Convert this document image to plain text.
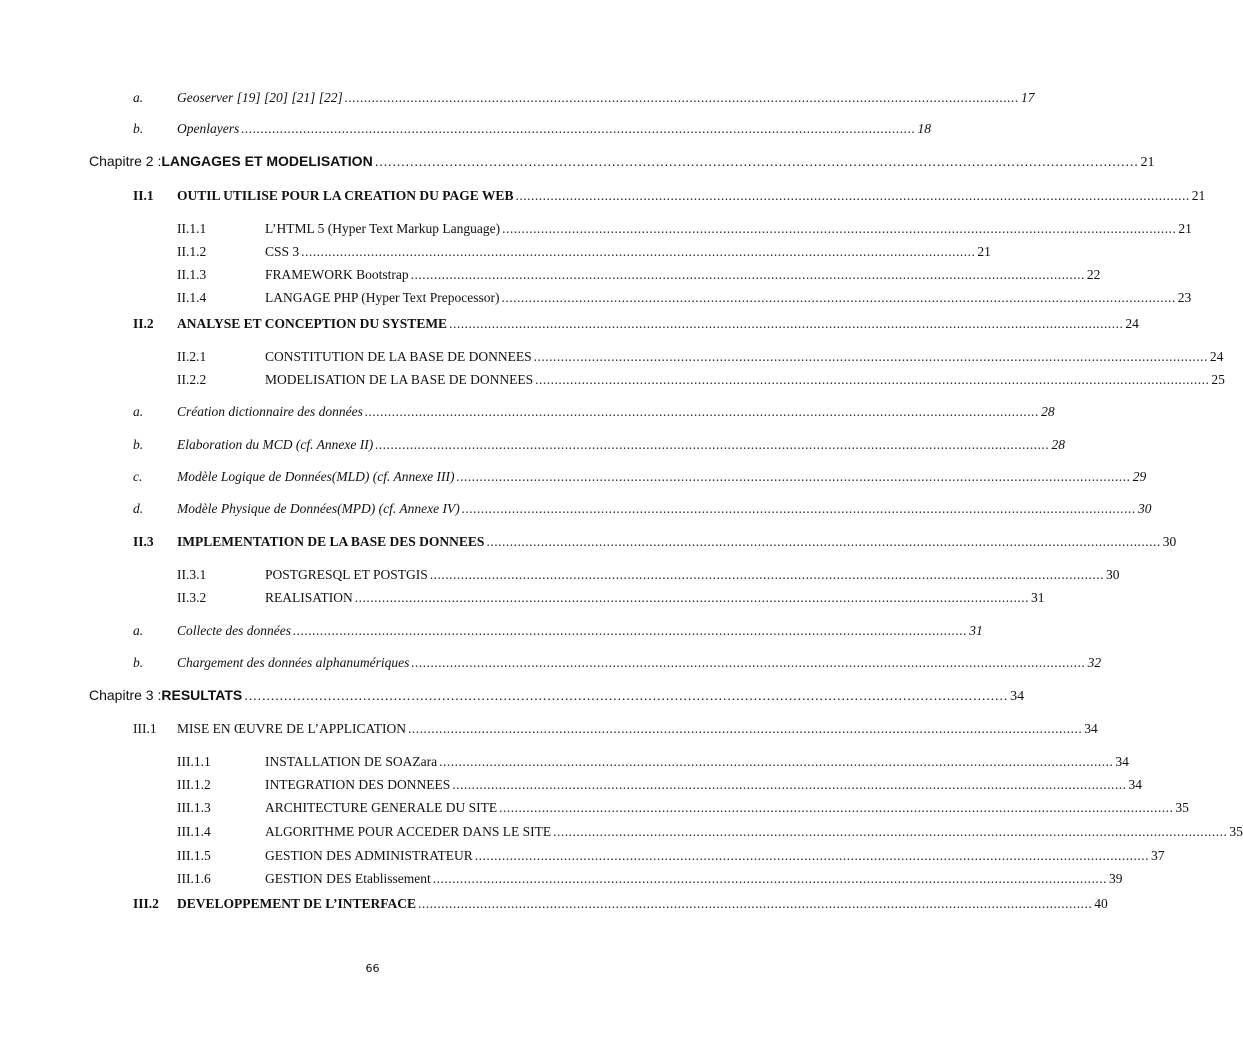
a.	Geoserver [19] [20] [21] [22] .............................................................................................................................................................................. 17
b.	Openlayers .............................................................................................................................................................................. 18
Chapitre 2 : LANGAGES ET MODELISATION .............................................................................................................................................................................. 21
II.1 OUTIL UTILISE POUR LA CREATION DU PAGE WEB .............................................................................................................................................................................. 21
II.1.1	L’HTML 5 (Hyper Text Markup Language) .............................................................................................................................................................................. 21
II.1.2	CSS 3 .............................................................................................................................................................................. 21
II.1.3	FRAMEWORK Bootstrap .............................................................................................................................................................................. 22
II.1.4	LANGAGE PHP (Hyper Text Prepocessor) .............................................................................................................................................................................. 23
II.2 ANALYSE ET CONCEPTION DU SYSTEME .............................................................................................................................................................................. 24
II.2.1	CONSTITUTION DE LA BASE DE DONNEES .............................................................................................................................................................................. 24
II.2.2	MODELISATION DE LA BASE DE DONNEES .............................................................................................................................................................................. 25
a.	Création dictionnaire des données .............................................................................................................................................................................. 28
b.	Elaboration du MCD (cf. Annexe II) .............................................................................................................................................................................. 28
c.	Modèle Logique de Données(MLD) (cf. Annexe III) .............................................................................................................................................................................. 29
d.	Modèle Physique de Données(MPD) (cf. Annexe IV) .............................................................................................................................................................................. 30
II.3 IMPLEMENTATION DE LA BASE DES DONNEES .............................................................................................................................................................................. 30
II.3.1	POSTGRESQL ET POSTGIS .............................................................................................................................................................................. 30
II.3.2	REALISATION .............................................................................................................................................................................. 31
a.	Collecte des données .............................................................................................................................................................................. 31
b.	Chargement des données alphanumériques .............................................................................................................................................................................. 32
Chapitre 3 : RESULTATS .............................................................................................................................................................................. 34
III.1 MISE EN ŒUVRE DE L’APPLICATION .............................................................................................................................................................................. 34
III.1.1	INSTALLATION DE SOAZara .............................................................................................................................................................................. 34
III.1.2	INTEGRATION DES DONNEES .............................................................................................................................................................................. 34
III.1.3	ARCHITECTURE GENERALE DU SITE .............................................................................................................................................................................. 35
III.1.4	ALGORITHME POUR ACCEDER DANS LE SITE .............................................................................................................................................................................. 35
III.1.5	GESTION DES ADMINISTRATEUR .............................................................................................................................................................................. 37
III.1.6	GESTION DES Etablissement .............................................................................................................................................................................. 39
III.2 DEVELOPPEMENT DE L’INTERFACE .............................................................................................................................................................................. 40
66
